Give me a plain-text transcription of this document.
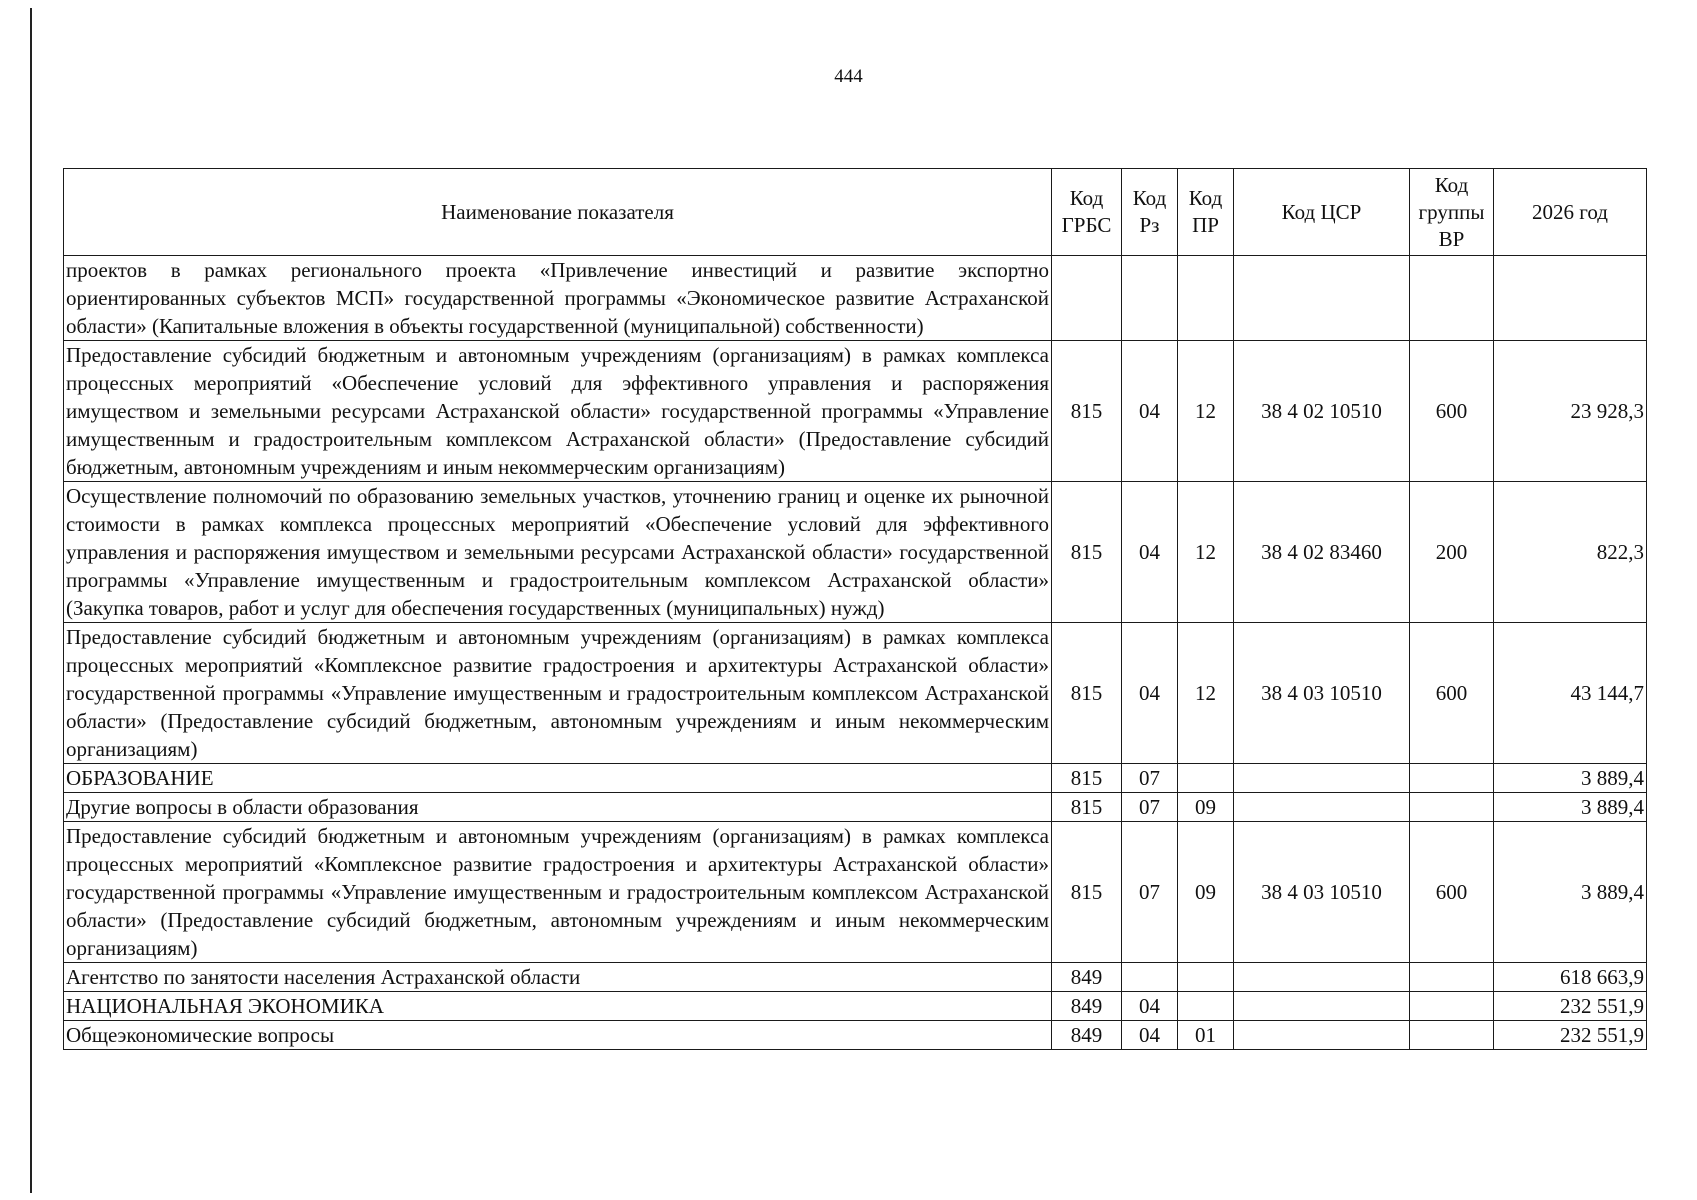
444
Наименование показателя	Код ГРБС	Код Рз	Код ПР	Код ЦСР	Код группы ВР	2026 год
проектов в рамках регионального проекта «Привлечение инвестиций и развитие экспортно ориентированных субъектов МСП» государственной программы «Экономическое развитие Астраханской области» (Капитальные вложения в объекты государственной (муниципальной) собственности)						
Предоставление субсидий бюджетным и автономным учреждениям (организациям) в рамках комплекса процессных мероприятий «Обеспечение условий для эффективного управления и распоряжения имуществом и земельными ресурсами Астраханской области» государственной программы «Управление имущественным и градостроительным комплексом Астраханской области» (Предоставление субсидий бюджетным, автономным учреждениям и иным некоммерческим организациям)	815	04	12	38 4 02 10510	600	23 928,3
Осуществление полномочий по образованию земельных участков, уточнению границ и оценке их рыночной стоимости в рамках комплекса процессных мероприятий «Обеспечение условий для эффективного управления и распоряжения имуществом и земельными ресурсами Астраханской области» государственной программы «Управление имущественным и градостроительным комплексом Астраханской области» (Закупка товаров, работ и услуг для обеспечения государственных (муниципальных) нужд)	815	04	12	38 4 02 83460	200	822,3
Предоставление субсидий бюджетным и автономным учреждениям (организациям) в рамках комплекса процессных мероприятий «Комплексное развитие градостроения и архитектуры Астраханской области» государственной программы «Управление имущественным и градостроительным комплексом Астраханской области» (Предоставление субсидий бюджетным, автономным учреждениям и иным некоммерческим организациям)	815	04	12	38 4 03 10510	600	43 144,7
ОБРАЗОВАНИЕ	815	07				3 889,4
Другие вопросы в области образования	815	07	09			3 889,4
Предоставление субсидий бюджетным и автономным учреждениям (организациям) в рамках комплекса процессных мероприятий «Комплексное развитие градостроения и архитектуры Астраханской области» государственной программы «Управление имущественным и градостроительным комплексом Астраханской области» (Предоставление субсидий бюджетным, автономным учреждениям и иным некоммерческим организациям)	815	07	09	38 4 03 10510	600	3 889,4
Агентство по занятости населения Астраханской области	849					618 663,9
НАЦИОНАЛЬНАЯ ЭКОНОМИКА	849	04				232 551,9
Общеэкономические вопросы	849	04	01			232 551,9
